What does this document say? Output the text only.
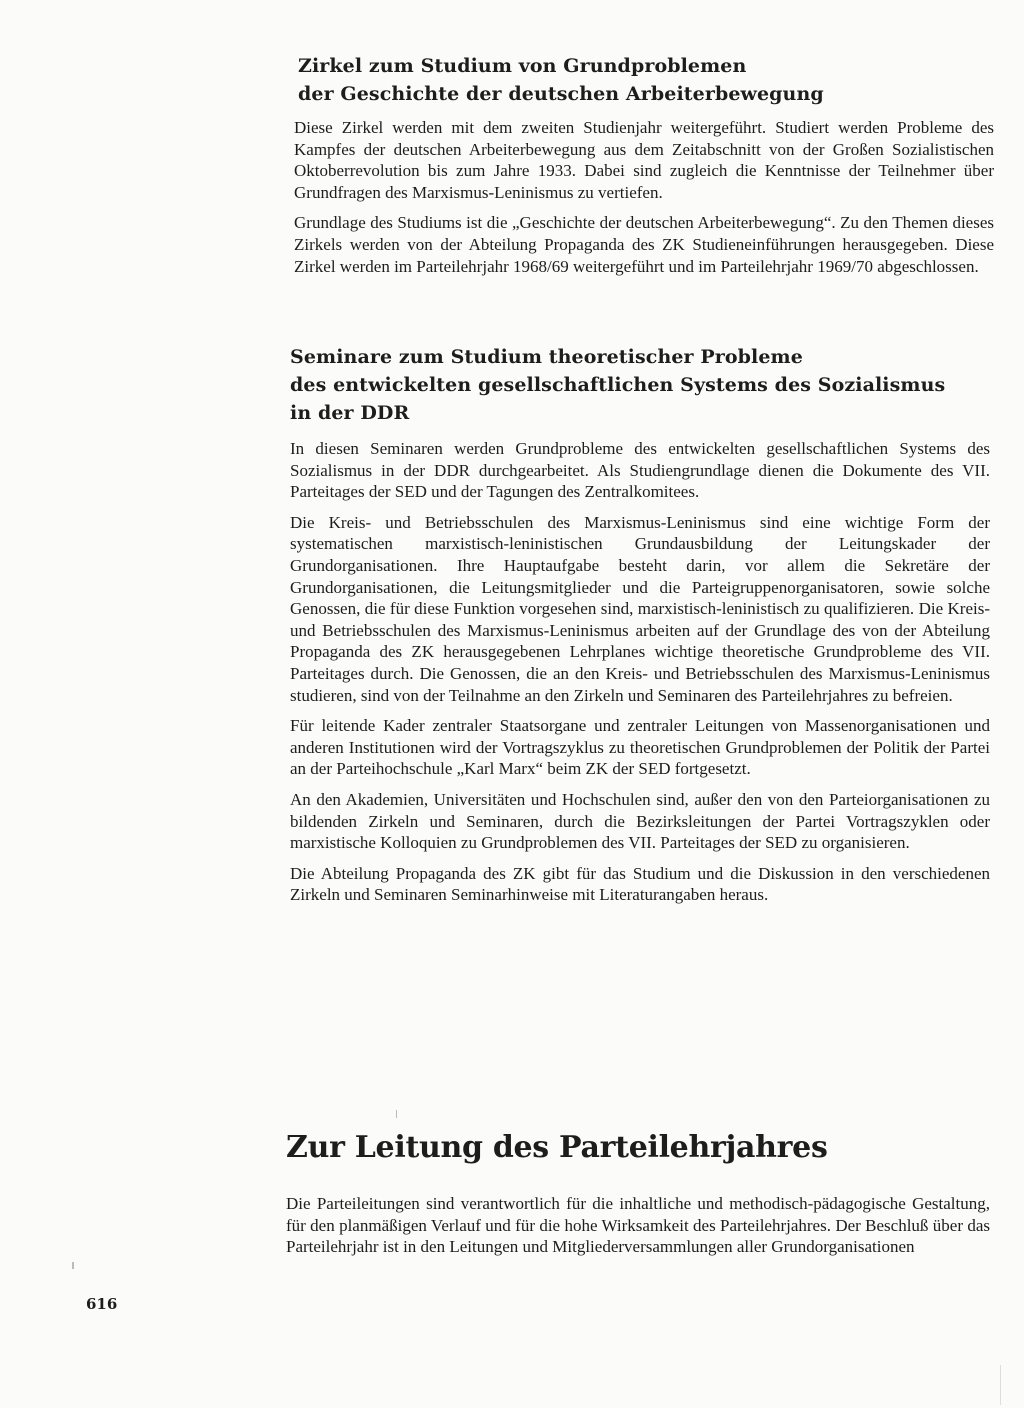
Zirkel zum Studium von Grundproblemen
der Geschichte der deutschen Arbeiterbewegung

Diese Zirkel werden mit dem zweiten Studienjahr weitergeführt. Studiert werden Probleme des Kampfes der deutschen Arbeiterbewegung aus dem Zeitabschnitt von der Großen Sozialistischen Oktoberrevolution bis zum Jahre 1933. Dabei sind zugleich die Kenntnisse der Teilnehmer über Grundfragen des Marxismus-Leninismus zu vertiefen.

Grundlage des Studiums ist die „Geschichte der deutschen Arbeiterbewegung“. Zu den Themen dieses Zirkels werden von der Abteilung Propaganda des ZK Studieneinführungen herausgegeben. Diese Zirkel werden im Parteilehrjahr 1968/69 weitergeführt und im Parteilehrjahr 1969/70 abgeschlossen.

Seminare zum Studium theoretischer Probleme
des entwickelten gesellschaftlichen Systems des Sozialismus
in der DDR

In diesen Seminaren werden Grundprobleme des entwickelten gesellschaftlichen Systems des Sozialismus in der DDR durchgearbeitet. Als Studiengrundlage dienen die Dokumente des VII. Parteitages der SED und der Tagungen des Zentralkomitees.

Die Kreis- und Betriebsschulen des Marxismus-Leninismus sind eine wichtige Form der systematischen marxistisch-leninistischen Grundausbildung der Leitungskader der Grundorganisationen. Ihre Hauptaufgabe besteht darin, vor allem die Sekretäre der Grundorganisationen, die Leitungsmitglieder und die Parteigruppenorganisatoren, sowie solche Genossen, die für diese Funktion vorgesehen sind, marxistisch-leninistisch zu qualifizieren. Die Kreis- und Betriebsschulen des Marxismus-Leninismus arbeiten auf der Grundlage des von der Abteilung Propaganda des ZK herausgegebenen Lehrplanes wichtige theoretische Grundprobleme des VII. Parteitages durch. Die Genossen, die an den Kreis- und Betriebsschulen des Marxismus-Leninismus studieren, sind von der Teilnahme an den Zirkeln und Seminaren des Parteilehrjahres zu befreien.

Für leitende Kader zentraler Staatsorgane und zentraler Leitungen von Massenorganisationen und anderen Institutionen wird der Vortragszyklus zu theoretischen Grundproblemen der Politik der Partei an der Parteihochschule „Karl Marx“ beim ZK der SED fortgesetzt.

An den Akademien, Universitäten und Hochschulen sind, außer den von den Parteiorganisationen zu bildenden Zirkeln und Seminaren, durch die Bezirksleitungen der Partei Vortragszyklen oder marxistische Kolloquien zu Grundproblemen des VII. Parteitages der SED zu organisieren.

Die Abteilung Propaganda des ZK gibt für das Studium und die Diskussion in den verschiedenen Zirkeln und Seminaren Seminarhinweise mit Literaturangaben heraus.

Zur Leitung des Parteilehrjahres

Die Parteileitungen sind verantwortlich für die inhaltliche und methodisch-pädagogische Gestaltung, für den planmäßigen Verlauf und für die hohe Wirksamkeit des Parteilehrjahres. Der Beschluß über das Parteilehrjahr ist in den Leitungen und Mitgliederversammlungen aller Grundorganisationen

616
